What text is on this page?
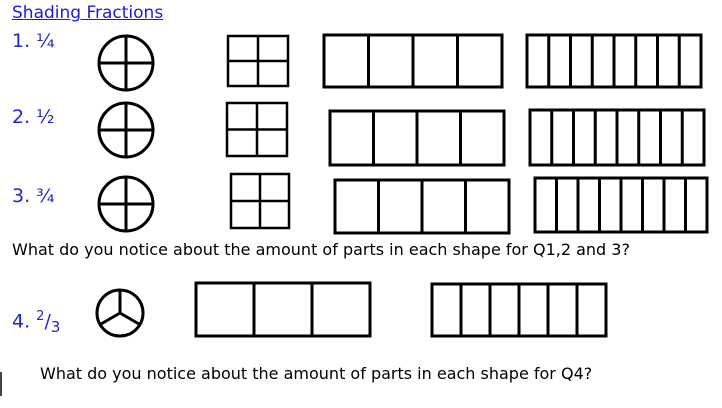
Shading Fractions
1. ¼
2. ½
3. ¾
4. $^2/_3$
What do you notice about the amount of parts in each shape for Q1,2 and 3?
What do you notice about the amount of parts in each shape for Q4?
